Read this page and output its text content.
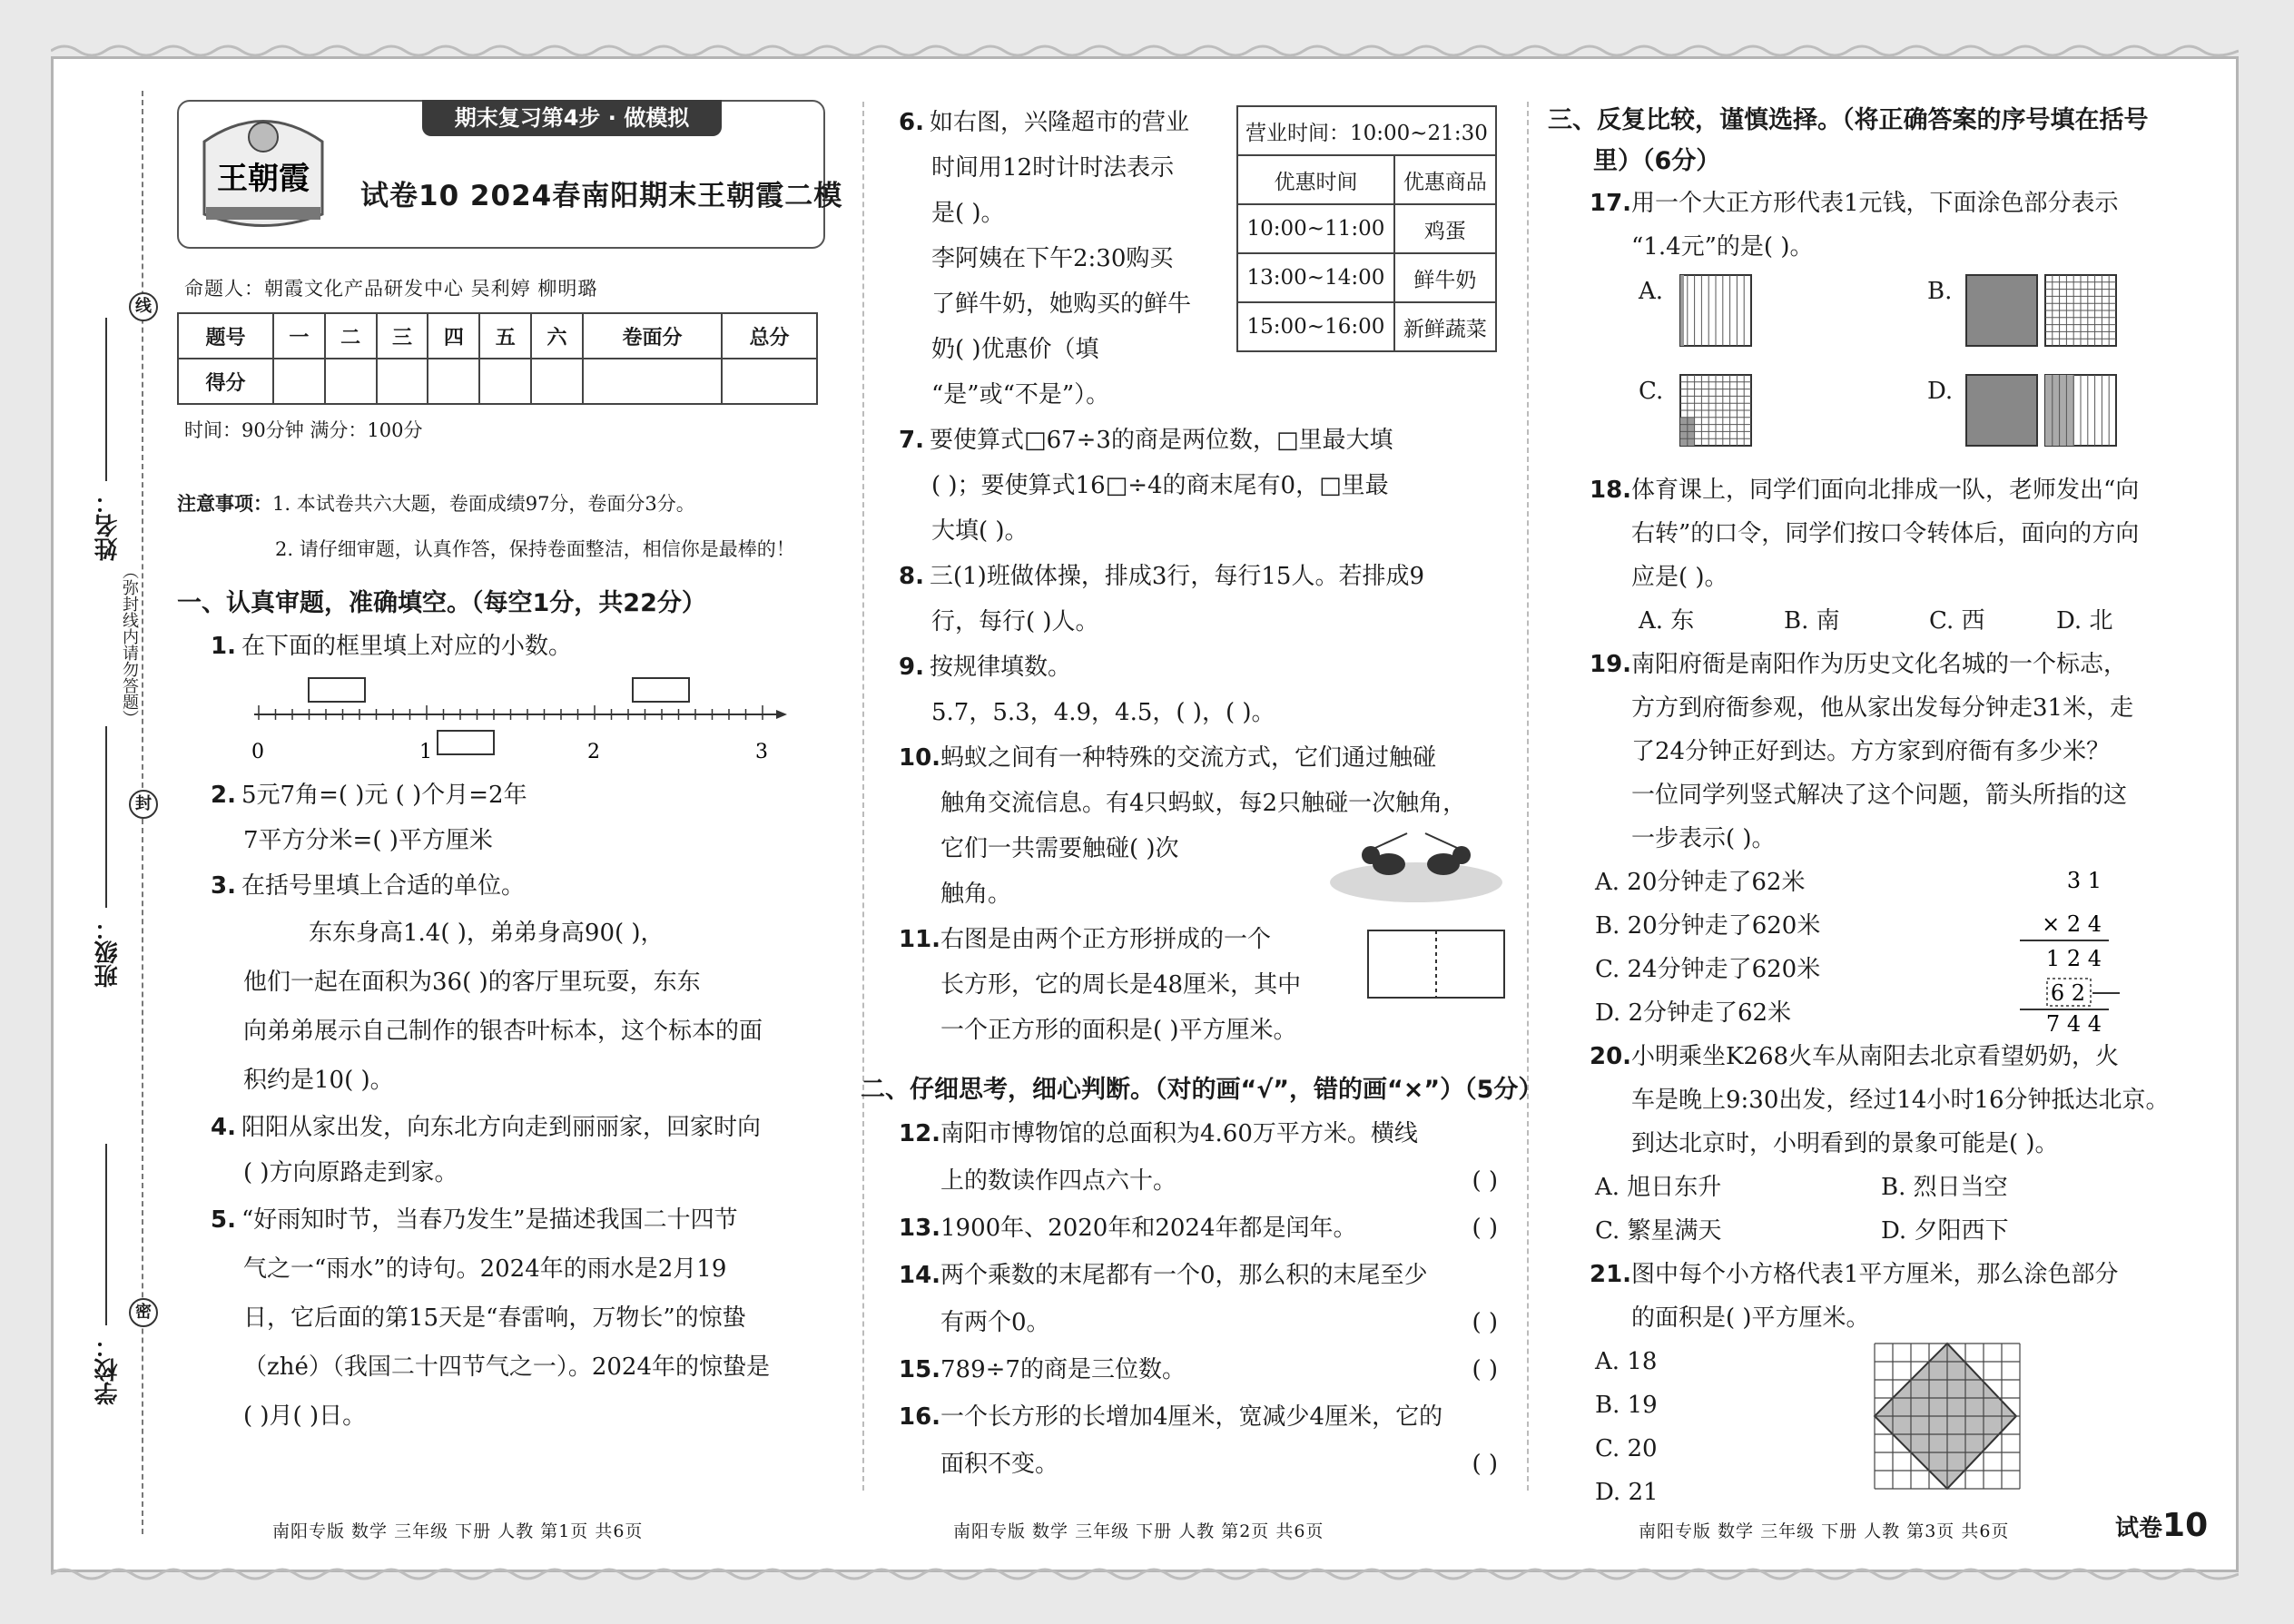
姓名：
班级：
学校：
线
封
密
（弥封线内请勿答题）
王朝霞
期末复习第4步 · 做模拟
试卷10 2024春南阳期末王朝霞二模
命题人：朝霞文化产品研发中心 吴利婷 柳明璐
题号	一	二	三	四	五	六	卷面分	总分
得分								
时间：90分钟 满分：100分
注意事项：1. 本试卷共六大题，卷面成绩97分，卷面分3分。
2. 请仔细审题，认真作答，保持卷面整洁，相信你是最棒的！
一、认真审题，准确填空。（每空1分，共22分）
1. 在下面的框里填上对应的小数。
0	1	2	3
2. 5元7角=( )元 ( )个月=2年
7平方分米=( )平方厘米
3. 在括号里填上合适的单位。
东东身高1.4( )，弟弟身高90( )，
他们一起在面积为36( )的客厅里玩耍，东东
向弟弟展示自己制作的银杏叶标本，这个标本的面
积约是10( )。
4. 阳阳从家出发，向东北方向走到丽丽家，回家时向
( )方向原路走到家。
5. “好雨知时节，当春乃发生”是描述我国二十四节
气之一“雨水”的诗句。2024年的雨水是2月19
日，它后面的第15天是“春雷响，万物长”的惊蛰
（zhé）（我国二十四节气之一）。2024年的惊蛰是
( )月( )日。
6. 如右图，兴隆超市的营业
时间用12时计时法表示
是( )。
李阿姨在下午2:30购买
了鲜牛奶，她购买的鲜牛
奶( )优惠价（填
“是”或“不是”）。
7. 要使算式□67÷3的商是两位数，□里最大填
( )；要使算式16□÷4的商末尾有0，□里最
大填( )。
8. 三(1)班做体操，排成3行，每行15人。若排成9
行，每行( )人。
9. 按规律填数。
5.7，5.3，4.9，4.5，( )，( )。
10.蚂蚁之间有一种特殊的交流方式，它们通过触碰
触角交流信息。有4只蚂蚁，每2只触碰一次触角，
它们一共需要触碰( )次
触角。
11.右图是由两个正方形拼成的一个
长方形，它的周长是48厘米，其中
一个正方形的面积是( )平方厘米。
二、仔细思考，细心判断。（对的画“√”，错的画“×”）（5分）
12.南阳市博物馆的总面积为4.60万平方米。横线
上的数读作四点六十。	( )
13.1900年、2020年和2024年都是闰年。	( )
14.两个乘数的末尾都有一个0，那么积的末尾至少
有两个0。	( )
15.789÷7的商是三位数。	( )
16.一个长方形的长增加4厘米，宽减少4厘米，它的
面积不变。	( )
营业时间：10:00~21:30	
优惠时间	优惠商品
10:00~11:00	鸡蛋
13:00~14:00	鲜牛奶
15:00~16:00	新鲜蔬菜
三、反复比较，谨慎选择。（将正确答案的序号填在括号
里）（6分）
17.用一个大正方形代表1元钱，下面涂色部分表示
“1.4元”的是( )。
A.	B.
C.	D.
18.体育课上，同学们面向北排成一队，老师发出“向
右转”的口令，同学们按口令转体后，面向的方向
应是( )。
A. 东	B. 南	C. 西	D. 北
19.南阳府衙是南阳作为历史文化名城的一个标志，
方方到府衙参观，他从家出发每分钟走31米，走
了24分钟正好到达。方方家到府衙有多少米？
一位同学列竖式解决了这个问题，箭头所指的这
一步表示( )。
A. 20分钟走了62米
B. 20分钟走了620米
C. 24分钟走了620米
D. 2分钟走了62米
3 1
× 2 4
1 2 4
6 2
7 4 4
20.小明乘坐K268火车从南阳去北京看望奶奶，火
车是晚上9:30出发，经过14小时16分钟抵达北京。
到达北京时，小明看到的景象可能是( )。
A. 旭日东升	B. 烈日当空
C. 繁星满天	D. 夕阳西下
21.图中每个小方格代表1平方厘米，那么涂色部分
的面积是( )平方厘米。
A. 18
B. 19
C. 20
D. 21
南阳专版 数学 三年级 下册 人教 第1页 共6页	南阳专版 数学 三年级 下册 人教 第2页 共6页	南阳专版 数学 三年级 下册 人教 第3页 共6页	试卷10
